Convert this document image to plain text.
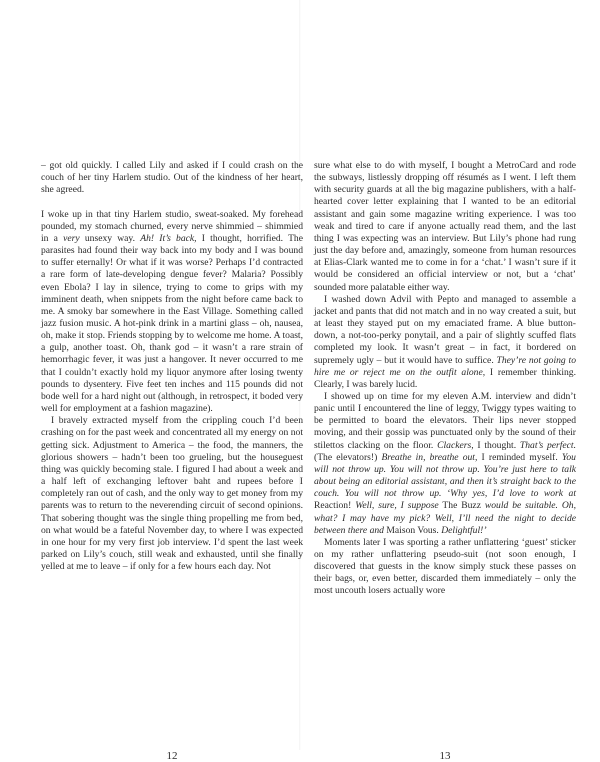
– got old quickly. I called Lily and asked if I could crash on the couch of her tiny Harlem studio. Out of the kindness of her heart, she agreed.

I woke up in that tiny Harlem studio, sweat-soaked. My forehead pounded, my stomach churned, every nerve shimmied – shimmied in a very unsexy way. Ah! It’s back, I thought, horrified. The parasites had found their way back into my body and I was bound to suffer eternally! Or what if it was worse? Perhaps I’d contracted a rare form of late-developing dengue fever? Malaria? Possibly even Ebola? I lay in silence, trying to come to grips with my imminent death, when snippets from the night before came back to me. A smoky bar somewhere in the East Village. Something called jazz fusion music. A hot-pink drink in a martini glass – oh, nausea, oh, make it stop. Friends stopping by to welcome me home. A toast, a gulp, another toast. Oh, thank god – it wasn’t a rare strain of hemorrhagic fever, it was just a hangover. It never occurred to me that I couldn’t exactly hold my liquor anymore after losing twenty pounds to dysentery. Five feet ten inches and 115 pounds did not bode well for a hard night out (although, in retrospect, it boded very well for employment at a fashion magazine).

I bravely extracted myself from the crippling couch I’d been crashing on for the past week and concentrated all my energy on not getting sick. Adjustment to America – the food, the manners, the glorious showers – hadn’t been too grueling, but the houseguest thing was quickly becoming stale. I figured I had about a week and a half left of exchanging leftover baht and rupees before I completely ran out of cash, and the only way to get money from my parents was to return to the neverending circuit of second opinions. That sobering thought was the single thing propelling me from bed, on what would be a fateful November day, to where I was expected in one hour for my very first job interview. I’d spent the last week parked on Lily’s couch, still weak and exhausted, until she finally yelled at me to leave – if only for a few hours each day. Not

12

sure what else to do with myself, I bought a MetroCard and rode the subways, listlessly dropping off résumés as I went. I left them with security guards at all the big magazine publishers, with a half-hearted cover letter explaining that I wanted to be an editorial assistant and gain some magazine writing experience. I was too weak and tired to care if anyone actually read them, and the last thing I was expecting was an interview. But Lily’s phone had rung just the day before and, amazingly, someone from human resources at Elias-Clark wanted me to come in for a ‘chat.’ I wasn’t sure if it would be considered an official interview or not, but a ‘chat’ sounded more palatable either way.

I washed down Advil with Pepto and managed to assemble a jacket and pants that did not match and in no way created a suit, but at least they stayed put on my emaciated frame. A blue button-down, a not-too-perky ponytail, and a pair of slightly scuffed flats completed my look. It wasn’t great – in fact, it bordered on supremely ugly – but it would have to suffice. They’re not going to hire me or reject me on the outfit alone, I remember thinking. Clearly, I was barely lucid.

I showed up on time for my eleven A.M. interview and didn’t panic until I encountered the line of leggy, Twiggy types waiting to be permitted to board the elevators. Their lips never stopped moving, and their gossip was punctuated only by the sound of their stilettos clacking on the floor. Clackers, I thought. That’s perfect. (The elevators!) Breathe in, breathe out, I reminded myself. You will not throw up. You will not throw up. You’re just here to talk about being an editorial assistant, and then it’s straight back to the couch. You will not throw up. ‘Why yes, I’d love to work at Reaction! Well, sure, I suppose The Buzz would be suitable. Oh, what? I may have my pick? Well, I’ll need the night to decide between there and Maison Vous. Delightful!’

Moments later I was sporting a rather unflattering ‘guest’ sticker on my rather unflattering pseudo-suit (not soon enough, I discovered that guests in the know simply stuck these passes on their bags, or, even better, discarded them immediately – only the most uncouth losers actually wore

13
